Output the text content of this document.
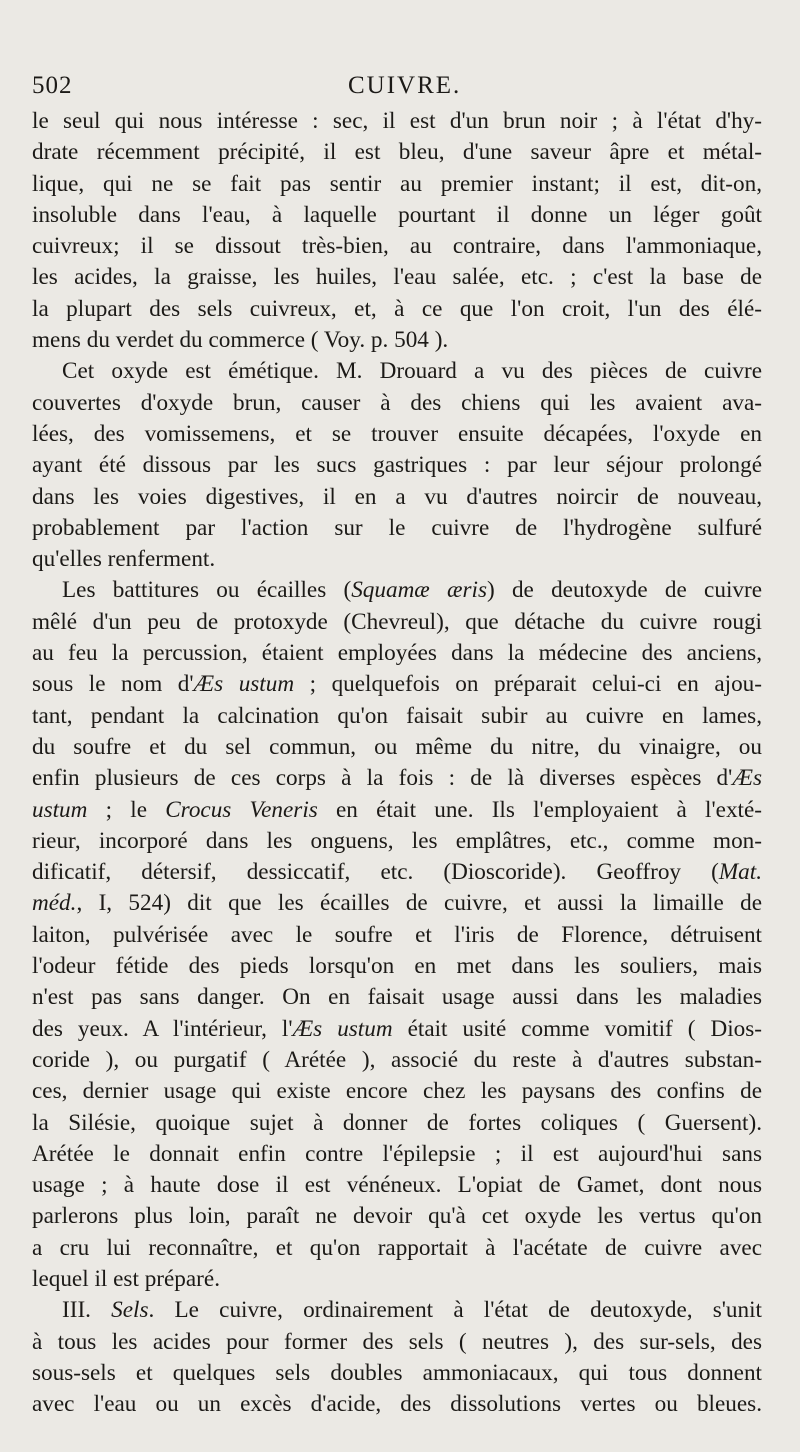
502	CUIVRE.

le seul qui nous intéresse : sec, il est d'un brun noir ; à l'état d'hy-
drate récemment précipité, il est bleu, d'une saveur âpre et métal-
lique, qui ne se fait pas sentir au premier instant; il est, dit-on,
insoluble dans l'eau, à laquelle pourtant il donne un léger goût
cuivreux; il se dissout très-bien, au contraire, dans l'ammoniaque,
les acides, la graisse, les huiles, l'eau salée, etc. ; c'est la base de
la plupart des sels cuivreux, et, à ce que l'on croit, l'un des élé-
mens du verdet du commerce ( Voy. p. 504 ).

Cet oxyde est émétique. M. Drouard a vu des pièces de cuivre
couvertes d'oxyde brun, causer à des chiens qui les avaient ava-
lées, des vomissemens, et se trouver ensuite décapées, l'oxyde en
ayant été dissous par les sucs gastriques : par leur séjour prolongé
dans les voies digestives, il en a vu d'autres noircir de nouveau,
probablement par l'action sur le cuivre de l'hydrogène sulfuré
qu'elles renferment.

Les battitures ou écailles (Squamæ æris) de deutoxyde de cuivre
mêlé d'un peu de protoxyde (Chevreul), que détache du cuivre rougi
au feu la percussion, étaient employées dans la médecine des anciens,
sous le nom d'Æs ustum ; quelquefois on préparait celui-ci en ajou-
tant, pendant la calcination qu'on faisait subir au cuivre en lames,
du soufre et du sel commun, ou même du nitre, du vinaigre, ou
enfin plusieurs de ces corps à la fois : de là diverses espèces d'Æs
ustum ; le Crocus Veneris en était une. Ils l'employaient à l'exté-
rieur, incorporé dans les onguens, les emplâtres, etc., comme mon-
dificatif, détersif, dessiccatif, etc. (Dioscoride). Geoffroy (Mat.
méd., I, 524) dit que les écailles de cuivre, et aussi la limaille de
laiton, pulvérisée avec le soufre et l'iris de Florence, détruisent
l'odeur fétide des pieds lorsqu'on en met dans les souliers, mais
n'est pas sans danger. On en faisait usage aussi dans les maladies
des yeux. A l'intérieur, l'Æs ustum était usité comme vomitif ( Dios-
coride ), ou purgatif ( Arétée ), associé du reste à d'autres substan-
ces, dernier usage qui existe encore chez les paysans des confins de
la Silésie, quoique sujet à donner de fortes coliques ( Guersent).
Arétée le donnait enfin contre l'épilepsie ; il est aujourd'hui sans
usage ; à haute dose il est vénéneux. L'opiat de Gamet, dont nous
parlerons plus loin, paraît ne devoir qu'à cet oxyde les vertus qu'on
a cru lui reconnaître, et qu'on rapportait à l'acétate de cuivre avec
lequel il est préparé.

III. Sels. Le cuivre, ordinairement à l'état de deutoxyde, s'unit
à tous les acides pour former des sels ( neutres ), des sur-sels, des
sous-sels et quelques sels doubles ammoniacaux, qui tous donnent
avec l'eau ou un excès d'acide, des dissolutions vertes ou bleues.
